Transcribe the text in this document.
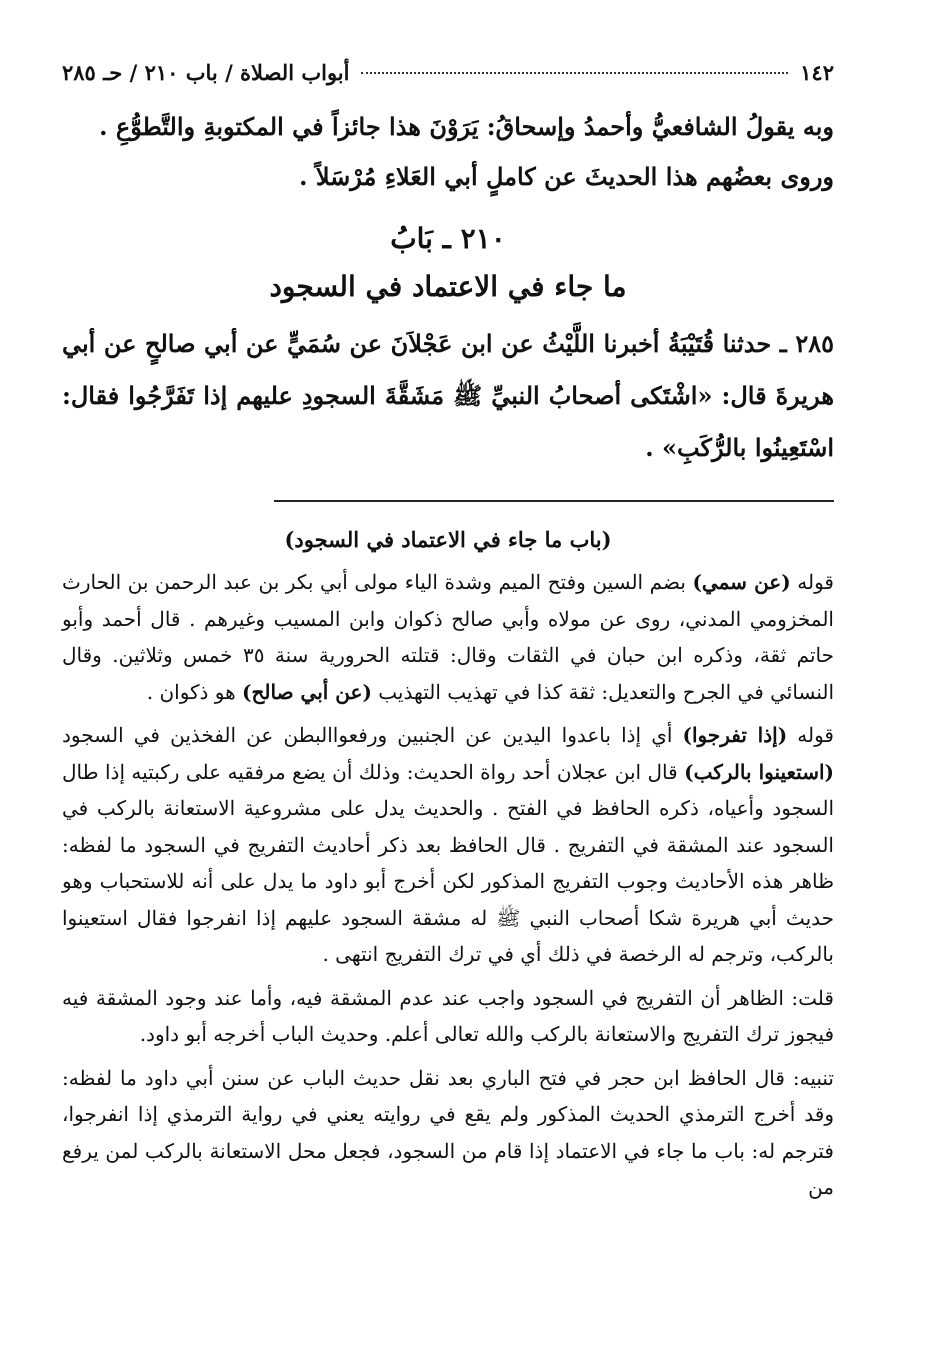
١٤٢
أبواب الصلاة / باب ٢١٠ / حـ ٢٨٥

وبه يقولُ الشافعيُّ وأحمدُ وإسحاقُ: يَرَوْنَ هذا جائزاً في المكتوبةِ والتَّطوُّعِ .

وروى بعضُهم هذا الحديثَ عن كاملٍ أبي العَلاءِ مُرْسَلاً .

٢١٠ ـ بَابُ
ما جاء في الاعتماد في السجود

٢٨٥ ـ حدثنا قُتَيْبَةُ أخبرنا اللَّيْثُ عن ابن عَجْلاَنَ عن سُمَيٍّ عن أبي صالحٍ عن أبي هريرةَ قال: «اشْتَكى أصحابُ النبيِّ ﷺ مَشَقَّةَ السجودِ عليهم إذا تَفَرَّجُوا فقال: اسْتَعِينُوا بالرُّكَبِ» .

(باب ما جاء في الاعتماد في السجود)

قوله (عن سمي) بضم السين وفتح الميم وشدة الياء مولى أبي بكر بن عبد الرحمن بن الحارث المخزومي المدني، روى عن مولاه وأبي صالح ذكوان وابن المسيب وغيرهم . قال أحمد وأبو حاتم ثقة، وذكره ابن حبان في الثقات وقال: قتلته الحرورية سنة ٣٥ خمس وثلاثين. وقال النسائي في الجرح والتعديل: ثقة كذا في تهذيب التهذيب (عن أبي صالح) هو ذكوان .

قوله (إذا تفرجوا) أي إذا باعدوا اليدين عن الجنبين ورفعواالبطن عن الفخذين في السجود (استعينوا بالركب) قال ابن عجلان أحد رواة الحديث: وذلك أن يضع مرفقيه على ركبتيه إذا طال السجود وأعياه، ذكره الحافظ في الفتح . والحديث يدل على مشروعية الاستعانة بالركب في السجود عند المشقة في التفريج . قال الحافظ بعد ذكر أحاديث التفريج في السجود ما لفظه: ظاهر هذه الأحاديث وجوب التفريج المذكور لكن أخرج أبو داود ما يدل على أنه للاستحباب وهو حديث أبي هريرة شكا أصحاب النبي ﷺ له مشقة السجود عليهم إذا انفرجوا فقال استعينوا بالركب، وترجم له الرخصة في ذلك أي في ترك التفريج انتهى .

قلت: الظاهر أن التفريج في السجود واجب عند عدم المشقة فيه، وأما عند وجود المشقة فيه فيجوز ترك التفريج والاستعانة بالركب والله تعالى أعلم. وحديث الباب أخرجه أبو داود.

تنبيه: قال الحافظ ابن حجر في فتح الباري بعد نقل حديث الباب عن سنن أبي داود ما لفظه: وقد أخرج الترمذي الحديث المذكور ولم يقع في روايته يعني في رواية الترمذي إذا انفرجوا، فترجم له: باب ما جاء في الاعتماد إذا قام من السجود، فجعل محل الاستعانة بالركب لمن يرفع من
